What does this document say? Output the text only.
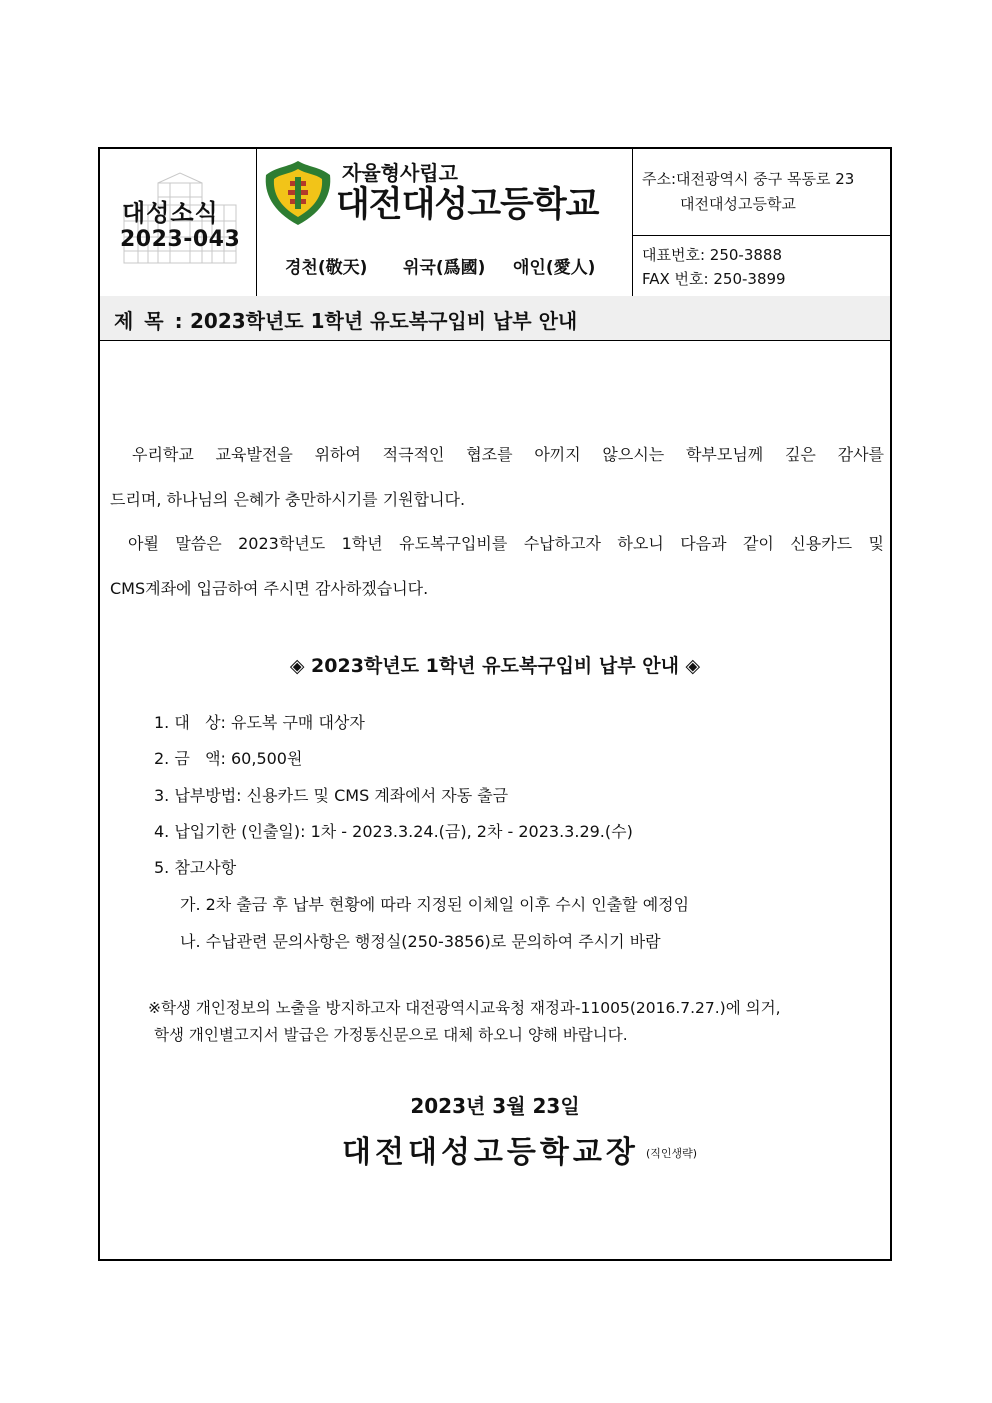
대성소식
2023-043
자율형사립고
대전대성고등학교
경천(敬天) 위국(爲國) 애인(愛人)
주소:대전광역시 중구 목동로 23
대전대성고등학교
대표번호: 250-3888
FAX 번호: 250-3899
제 목 : 2023학년도 1학년 유도복구입비 납부 안내
우리학교 교육발전을 위하여 적극적인 협조를 아끼지 않으시는 학부모님께 깊은 감사를
드리며, 하나님의 은혜가 충만하시기를 기원합니다.
아뢸 말씀은 2023학년도 1학년 유도복구입비를 수납하고자 하오니 다음과 같이 신용카드 및
CMS계좌에 입금하여 주시면 감사하겠습니다.
◈ 2023학년도 1학년 유도복구입비 납부 안내 ◈
1. 대   상: 유도복 구매 대상자
2. 금   액: 60,500원
3. 납부방법: 신용카드 및 CMS 계좌에서 자동 출금
4. 납입기한 (인출일): 1차 - 2023.3.24.(금), 2차 - 2023.3.29.(수)
5. 참고사항
가. 2차 출금 후 납부 현황에 따라 지정된 이체일 이후 수시 인출할 예정임
나. 수납관련 문의사항은 행정실(250-3856)로 문의하여 주시기 바람
※학생 개인정보의 노출을 방지하고자 대전광역시교육청 재정과-11005(2016.7.27.)에 의거,
학생 개인별고지서 발급은 가정통신문으로 대체 하오니 양해 바랍니다.
2023년 3월 23일
대전대성고등학교장 (직인생략)
